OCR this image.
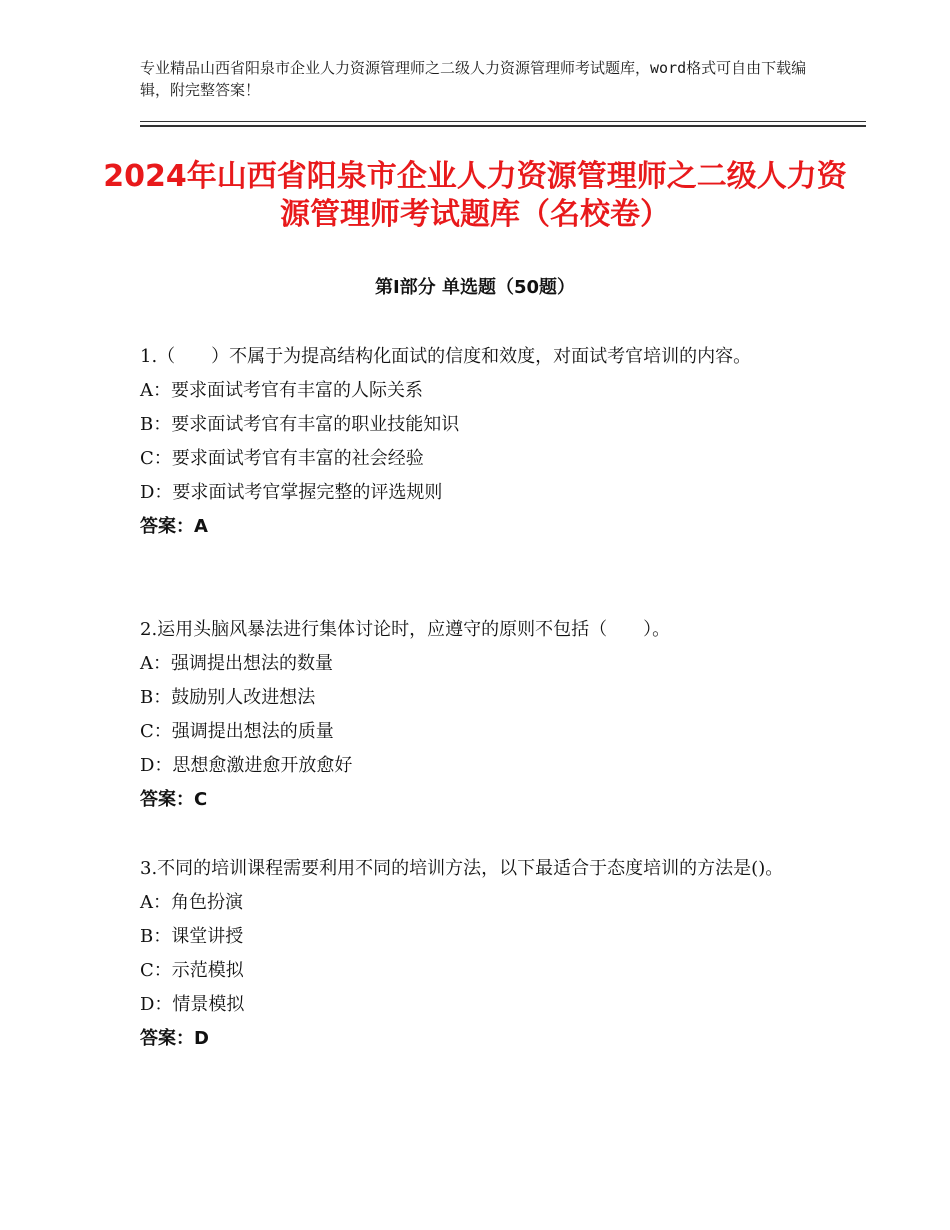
专业精品山西省阳泉市企业人力资源管理师之二级人力资源管理师考试题库，word格式可自由下载编辑，附完整答案！
2024年山西省阳泉市企业人力资源管理师之二级人力资源管理师考试题库（名校卷）
第Ⅰ部分 单选题（50题）
1.（　　）不属于为提高结构化面试的信度和效度，对面试考官培训的内容。
A：要求面试考官有丰富的人际关系
B：要求面试考官有丰富的职业技能知识
C：要求面试考官有丰富的社会经验
D：要求面试考官掌握完整的评选规则
答案：A
2.运用头脑风暴法进行集体讨论时，应遵守的原则不包括（　　）。
A：强调提出想法的数量
B：鼓励别人改进想法
C：强调提出想法的质量
D：思想愈激进愈开放愈好
答案：C
3.不同的培训课程需要利用不同的培训方法，以下最适合于态度培训的方法是()。
A：角色扮演
B：课堂讲授
C：示范模拟
D：情景模拟
答案：D
